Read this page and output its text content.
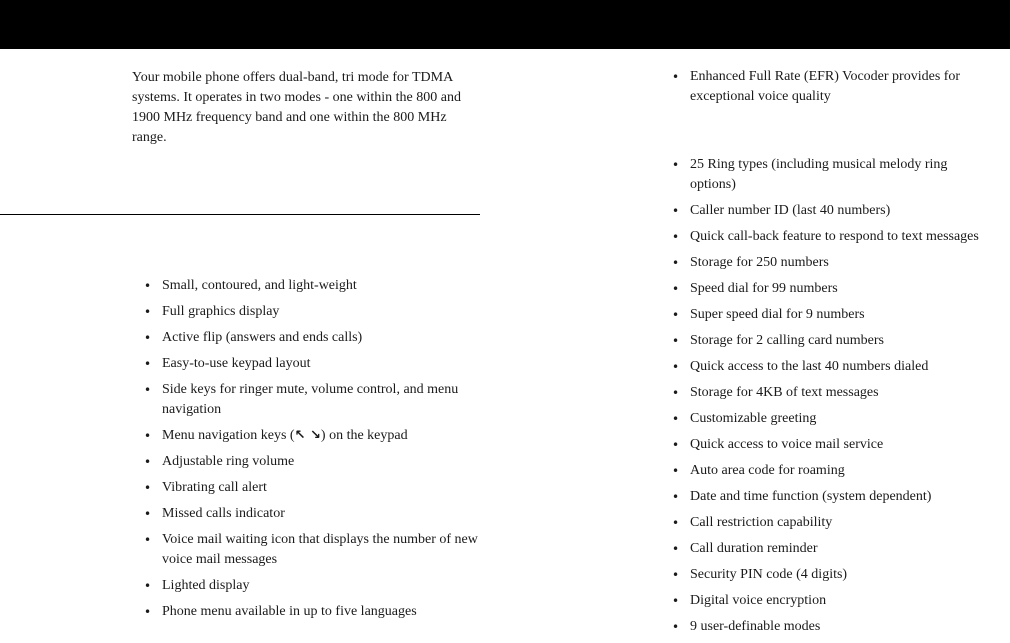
Your mobile phone offers dual-band, tri mode for TDMA systems. It operates in two modes - one within the 800 and 1900 MHz frequency band and one within the 800 MHz range.

• Small, contoured, and light-weight
• Full graphics display
• Active flip (answers and ends calls)
• Easy-to-use keypad layout
• Side keys for ringer mute, volume control, and menu navigation
• Menu navigation keys (↖ ↘) on the keypad
• Adjustable ring volume
• Vibrating call alert
• Missed calls indicator
• Voice mail waiting icon that displays the number of new voice mail messages
• Lighted display
• Phone menu available in up to five languages
• Enhanced Full Rate (EFR) Vocoder provides for exceptional voice quality
• 25 Ring types (including musical melody ring options)
• Caller number ID (last 40 numbers)
• Quick call-back feature to respond to text messages
• Storage for 250 numbers
• Speed dial for 99 numbers
• Super speed dial for 9 numbers
• Storage for 2 calling card numbers
• Quick access to the last 40 numbers dialed
• Storage for 4KB of text messages
• Customizable greeting
• Quick access to voice mail service
• Auto area code for roaming
• Date and time function (system dependent)
• Call restriction capability
• Call duration reminder
• Security PIN code (4 digits)
• Digital voice encryption
• 9 user-definable modes
